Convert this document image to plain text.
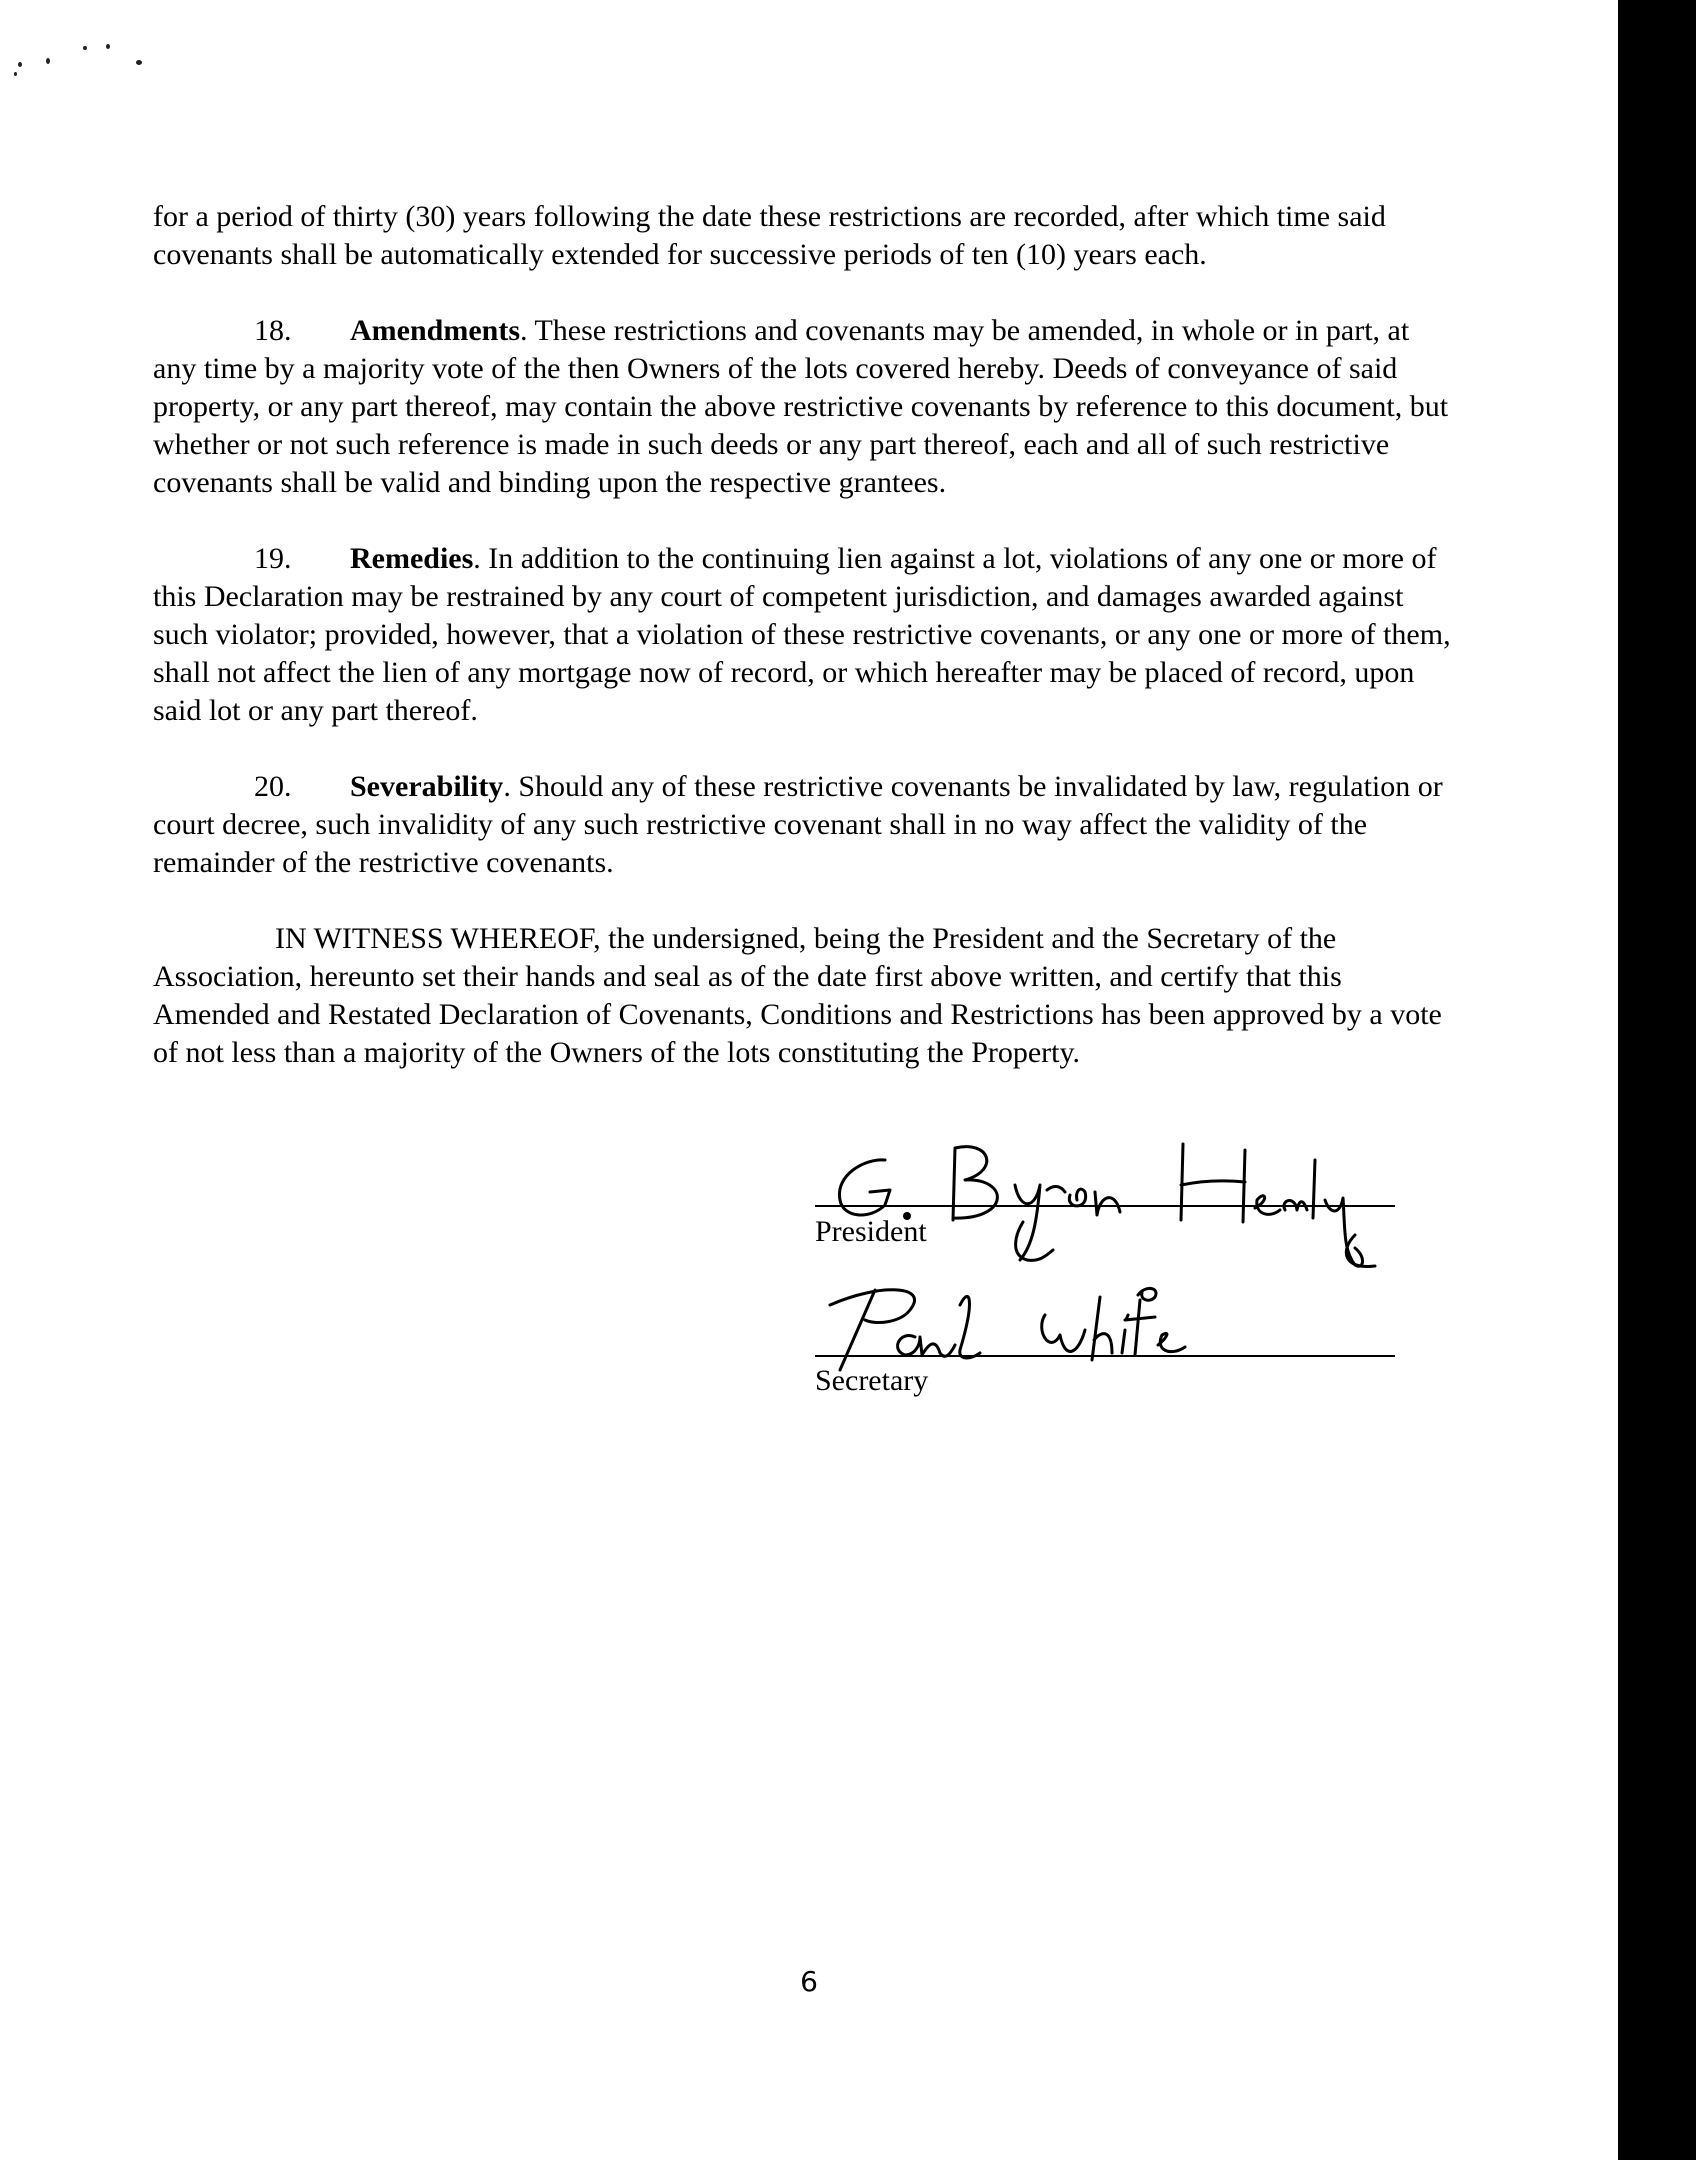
for a period of thirty (30) years following the date these restrictions are recorded, after which time said covenants shall be automatically extended for successive periods of ten (10) years each.

18. Amendments. These restrictions and covenants may be amended, in whole or in part, at any time by a majority vote of the then Owners of the lots covered hereby. Deeds of conveyance of said property, or any part thereof, may contain the above restrictive covenants by reference to this document, but whether or not such reference is made in such deeds or any part thereof, each and all of such restrictive covenants shall be valid and binding upon the respective grantees.

19. Remedies. In addition to the continuing lien against a lot, violations of any one or more of this Declaration may be restrained by any court of competent jurisdiction, and damages awarded against such violator; provided, however, that a violation of these restrictive covenants, or any one or more of them, shall not affect the lien of any mortgage now of record, or which hereafter may be placed of record, upon said lot or any part thereof.

20. Severability. Should any of these restrictive covenants be invalidated by law, regulation or court decree, such invalidity of any such restrictive covenant shall in no way affect the validity of the remainder of the restrictive covenants.

IN WITNESS WHEREOF, the undersigned, being the President and the Secretary of the Association, hereunto set their hands and seal as of the date first above written, and certify that this Amended and Restated Declaration of Covenants, Conditions and Restrictions has been approved by a vote of not less than a majority of the Owners of the lots constituting the Property.

President
Secretary
6
